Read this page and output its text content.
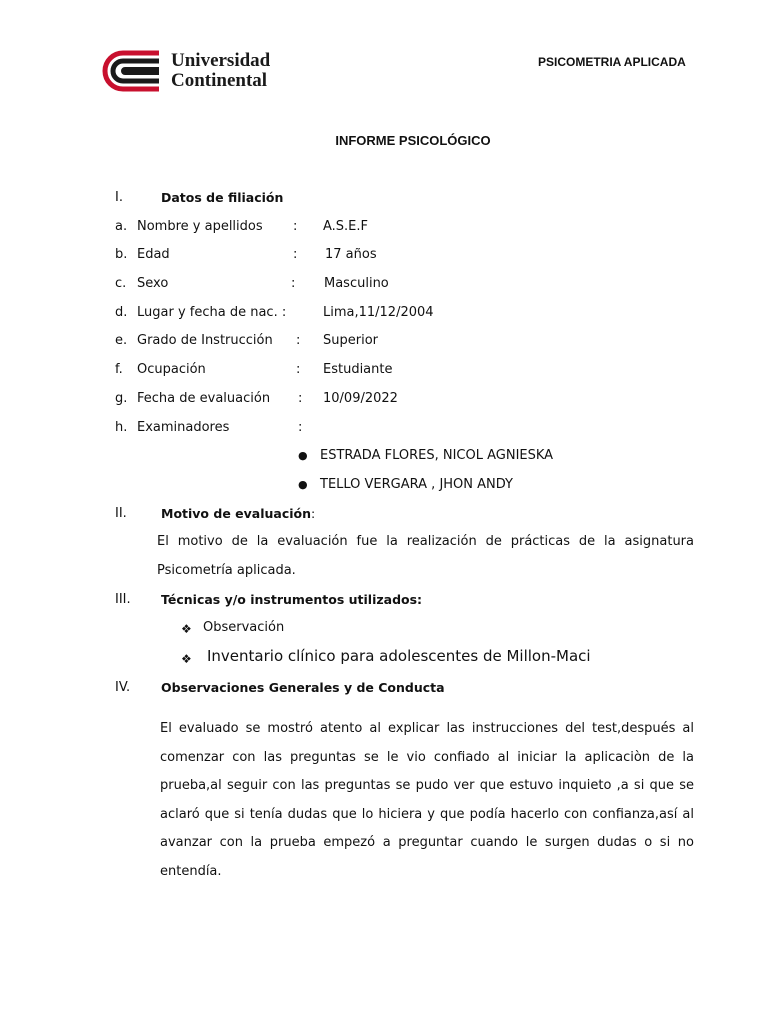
Universidad
Continental
PSICOMETRIA APLICADA
INFORME PSICOLÓGICO
I.	Datos de filiación
a. Nombre y apellidos : A.S.E.F
b. Edad	: 17 años
c. Sexo	: Masculino
d. Lugar y fecha de nac. :	Lima,11/12/2004
e. Grado de Instrucción : Superior
f. Ocupación	: Estudiante
g. Fecha de evaluación : 10/09/2022
h. Examinadores	:
● ESTRADA FLORES, NICOL AGNIESKA
● TELLO VERGARA , JHON ANDY
II.	Motivo de evaluación:
El motivo de la evaluación fue la realización de prácticas de la asignatura Psicometría aplicada.
III. Técnicas y/o instrumentos utilizados:
❖ Observación
❖ Inventario clínico para adolescentes de Millon-Maci
IV. Observaciones Generales y de Conducta
El evaluado se mostró atento al explicar las instrucciones del test,después al comenzar con las preguntas se le vio confiado al iniciar la aplicaciòn de la prueba,al seguir con las preguntas se pudo ver que estuvo inquieto ,a si que se aclaró que si tenía dudas que lo hiciera y que podía hacerlo con confianza,así al avanzar con la prueba empezó a preguntar cuando le surgen dudas o si no entendía.
